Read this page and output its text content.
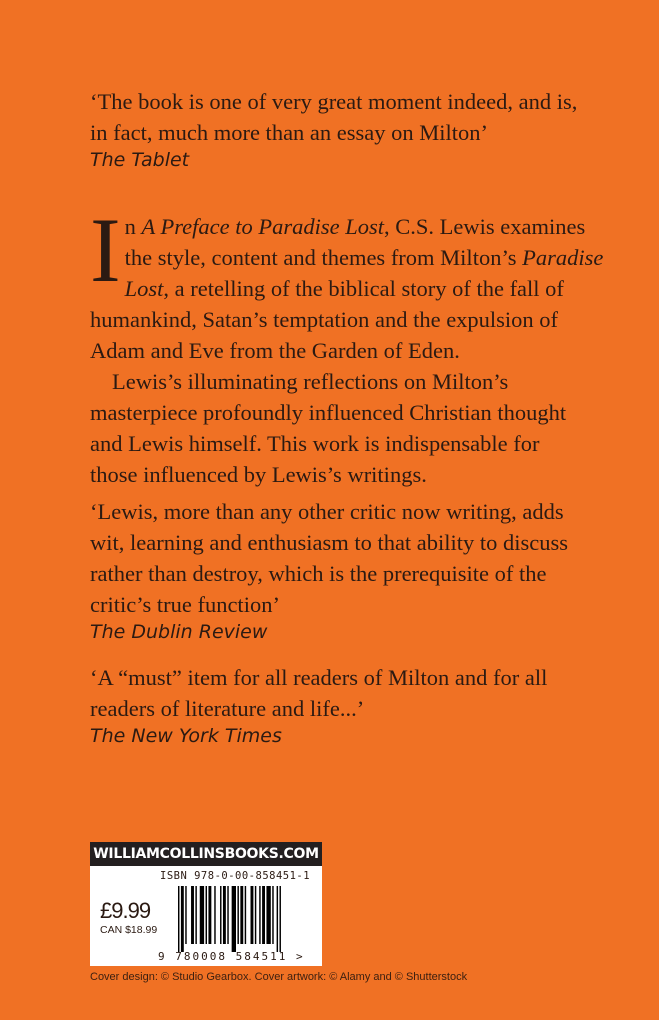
‘The book is one of very great moment indeed, and is,
in fact, much more than an essay on Milton’
The Tablet
I n A Preface to Paradise Lost, C.S. Lewis examines
the style, content and themes from Milton’s Paradise
Lost, a retelling of the biblical story of the fall of
humankind, Satan’s temptation and the expulsion of
Adam and Eve from the Garden of Eden.
Lewis’s illuminating reflections on Milton’s
masterpiece profoundly influenced Christian thought
and Lewis himself. This work is indispensable for
those influenced by Lewis’s writings.
‘Lewis, more than any other critic now writing, adds
wit, learning and enthusiasm to that ability to discuss
rather than destroy, which is the prerequisite of the
critic’s true function’
The Dublin Review
‘A “must” item for all readers of Milton and for all
readers of literature and life...’
The New York Times
WILLIAMCOLLINSBOOKS.COM
ISBN 978-0-00-858451-1
£9.99
CAN $18.99
9 780008 584511 >
Cover design: © Studio Gearbox. Cover artwork: © Alamy and © Shutterstock
